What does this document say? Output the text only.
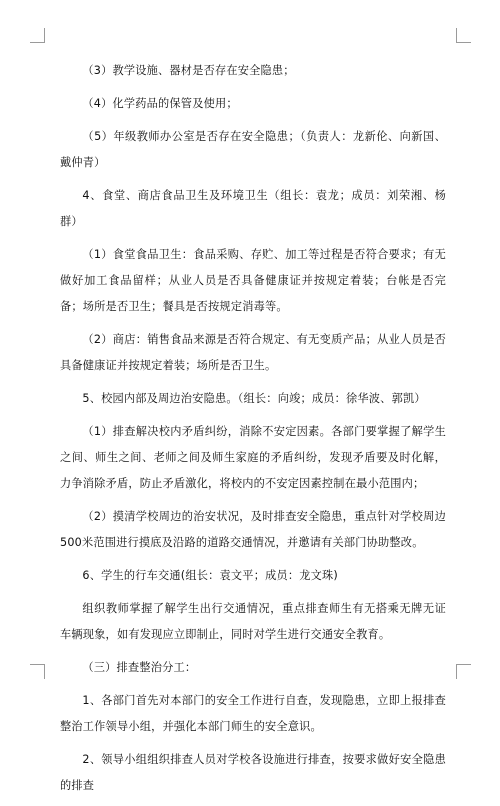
（3）教学设施、器材是否存在安全隐患；

（4）化学药品的保管及使用；

（5）年级教师办公室是否存在安全隐患；（负责人：龙新伦、向新国、戴仲青）

4、食堂、商店食品卫生及环境卫生（组长：袁龙；成员：刘荣湘、杨群）

（1）食堂食品卫生：食品采购、存贮、加工等过程是否符合要求；有无做好加工食品留样；从业人员是否具备健康证并按规定着装；台帐是否完备；场所是否卫生；餐具是否按规定消毒等。

（2）商店：销售食品来源是否符合规定、有无变质产品；从业人员是否具备健康证并按规定着装；场所是否卫生。

5、校园内部及周边治安隐患。（组长：向竣；成员：徐华波、郭凯）

（1）排查解决校内矛盾纠纷，消除不安定因素。各部门要掌握了解学生之间、师生之间、老师之间及师生家庭的矛盾纠纷，发现矛盾要及时化解，力争消除矛盾，防止矛盾激化，将校内的不安定因素控制在最小范围内；

（2）摸清学校周边的治安状况，及时排查安全隐患，重点针对学校周边500米范围进行摸底及沿路的道路交通情况，并邀请有关部门协助整改。

6、学生的行车交通(组长：袁文平；成员：龙文珠)

组织教师掌握了解学生出行交通情况，重点排查师生有无搭乘无牌无证车辆现象，如有发现应立即制止，同时对学生进行交通安全教育。

（三）排查整治分工：

1、各部门首先对本部门的安全工作进行自查，发现隐患，立即上报排查整治工作领导小组，并强化本部门师生的安全意识。

2、领导小组组织排查人员对学校各设施进行排查，按要求做好安全隐患的排查
